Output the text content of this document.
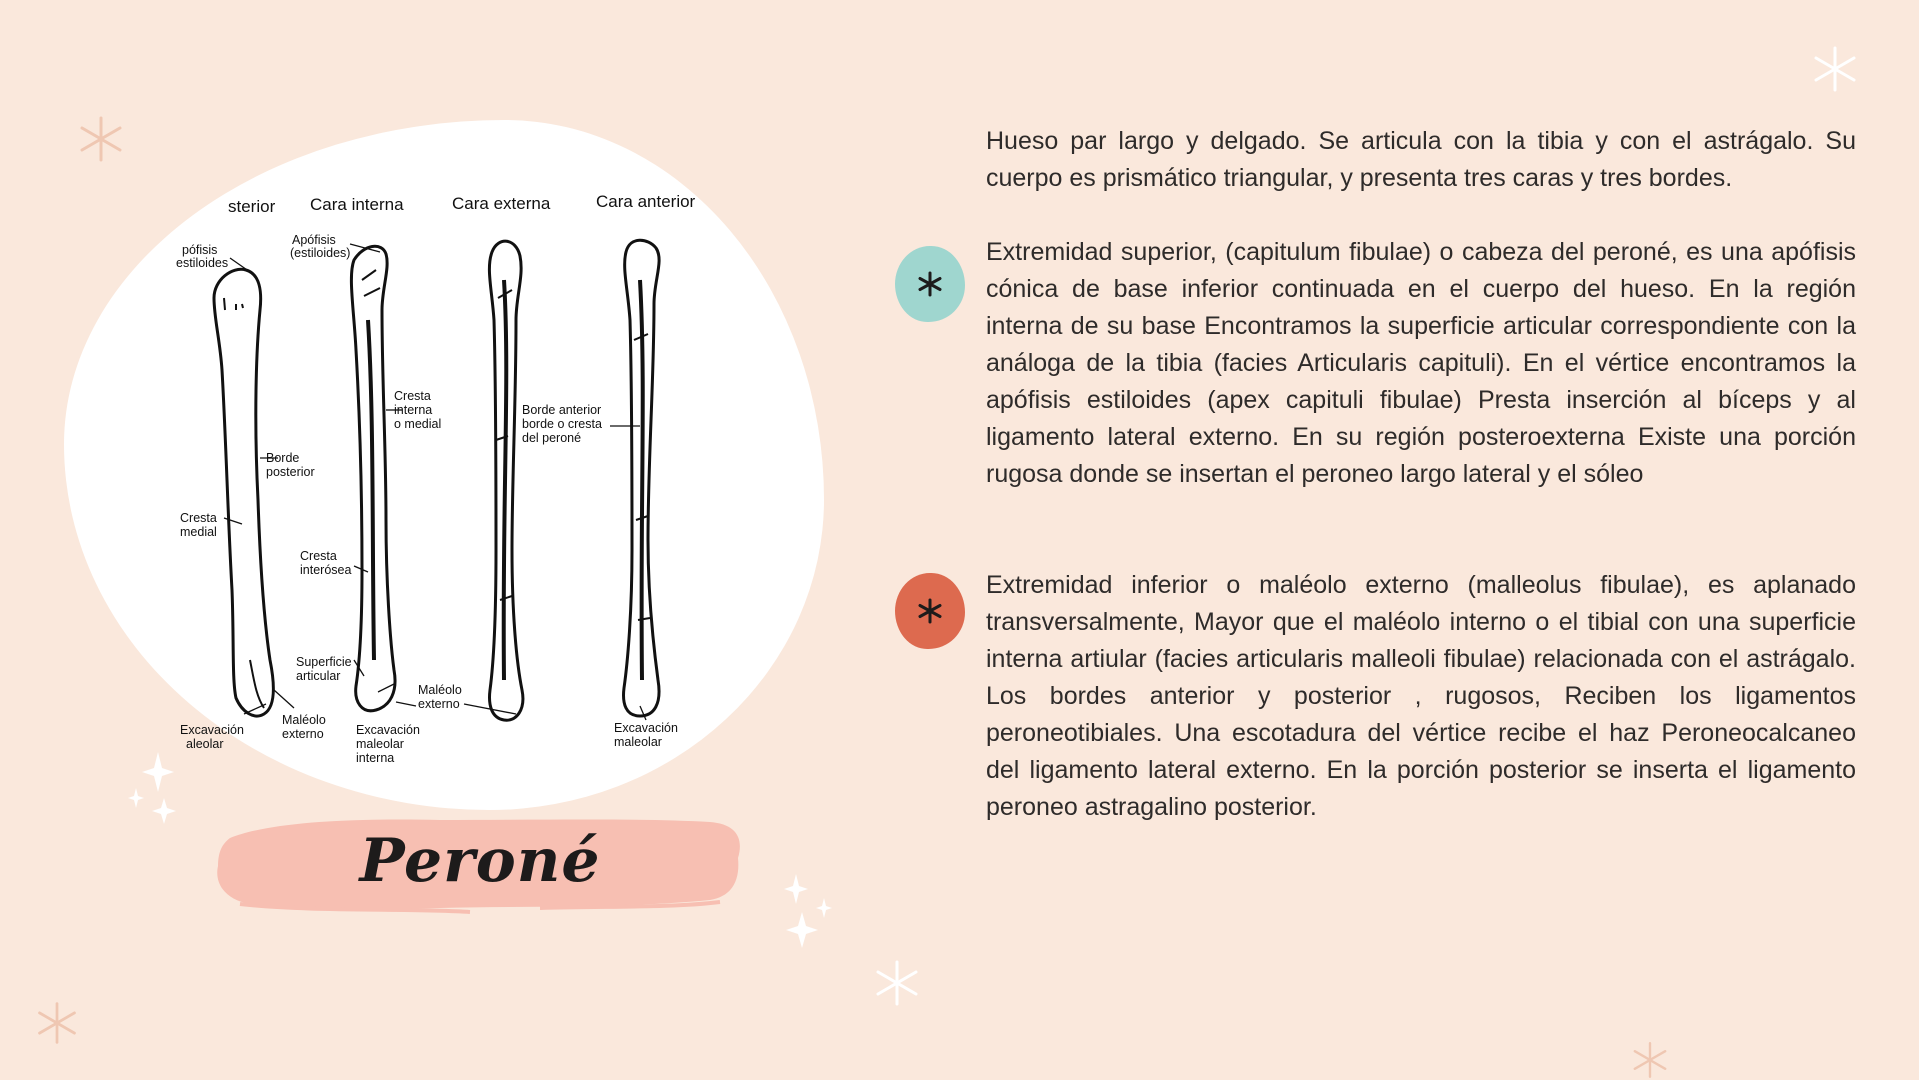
sterior Cara interna	Cara externa	Cara anterior
pófisis estiloides
Apófisis (estiloides)
Borde posterior
Cresta medial
Cresta interna o medial
Borde anterior borde o cresta del peroné
Cresta interósea
Superficie articular
Maléolo externo
Maléolo externo
Excavación aleolar
Excavación maleolar interna
Excavación maleolar
Peroné

Hueso par largo y delgado. Se articula con la tibia y con el astrágalo. Su cuerpo es prismático triangular, y presenta tres caras y tres bordes.

Extremidad superior, (capitulum fibulae) o cabeza del peroné, es una apófisis cónica de base inferior continuada en el cuerpo del hueso. En la región interna de su base Encontramos la superficie articular correspondiente con la análoga de la tibia (facies Articularis capituli). En el vértice encontramos la apófisis estiloides (apex capituli fibulae) Presta inserción al bíceps y al ligamento lateral externo. En su región posteroexterna Existe una porción rugosa donde se insertan el peroneo largo lateral y el sóleo

Extremidad inferior o maléolo externo (malleolus fibulae), es aplanado transversalmente, Mayor que el maléolo interno o el tibial con una superficie interna artiular (facies articularis malleoli fibulae) relacionada con el astrágalo. Los bordes anterior y posterior , rugosos, Reciben los ligamentos peroneotibiales. Una escotadura del vértice recibe el haz Peroneocalcaneo del ligamento lateral externo. En la porción posterior se inserta el ligamento peroneo astragalino posterior.
